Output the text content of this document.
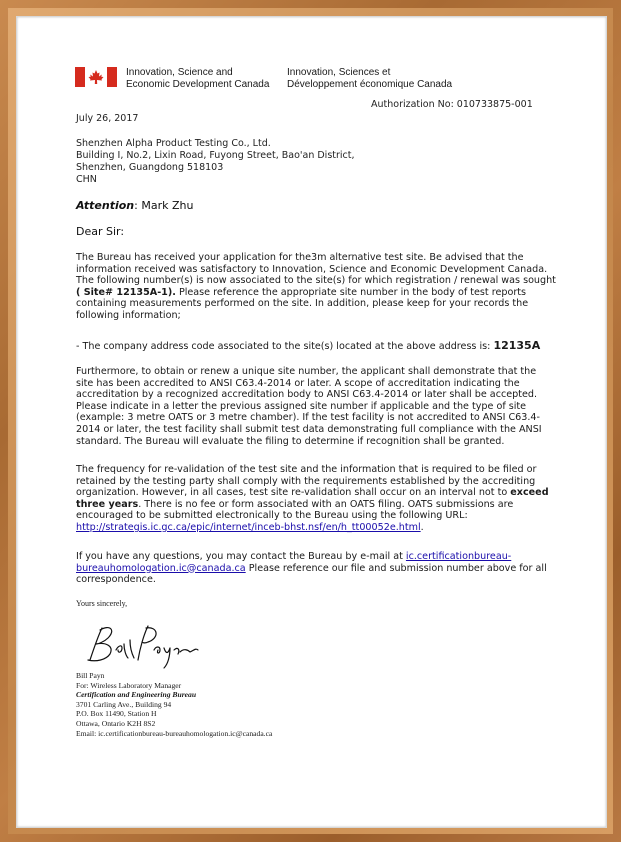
Innovation, Science and
Economic Development Canada
Innovation, Sciences et
Développement économique Canada
Authorization No: 010733875-001
July 26, 2017
Shenzhen Alpha Product Testing Co., Ltd.
Building I, No.2, Lixin Road, Fuyong Street, Bao'an District,
Shenzhen, Guangdong 518103
CHN
Attention: Mark Zhu
Dear Sir:
The Bureau has received your application for the3m alternative test site. Be advised that the information received was satisfactory to Innovation, Science and Economic Development Canada. The following number(s) is now associated to the site(s) for which registration / renewal was sought ( Site# 12135A-1). Please reference the appropriate site number in the body of test reports containing measurements performed on the site. In addition, please keep for your records the following information;
- The company address code associated to the site(s) located at the above address is: 12135A
Furthermore, to obtain or renew a unique site number, the applicant shall demonstrate that the site has been accredited to ANSI C63.4-2014 or later. A scope of accreditation indicating the accreditation by a recognized accreditation body to ANSI C63.4-2014 or later shall be accepted. Please indicate in a letter the previous assigned site number if applicable and the type of site (example: 3 metre OATS or 3 metre chamber). If the test facility is not accredited to ANSI C63.4-2014 or later, the test facility shall submit test data demonstrating full compliance with the ANSI standard. The Bureau will evaluate the filing to determine if recognition shall be granted.
The frequency for re-validation of the test site and the information that is required to be filed or retained by the testing party shall comply with the requirements established by the accrediting organization. However, in all cases, test site re-validation shall occur on an interval not to exceed three years. There is no fee or form associated with an OATS filing. OATS submissions are encouraged to be submitted electronically to the Bureau using the following URL: http://strategis.ic.gc.ca/epic/internet/inceb-bhst.nsf/en/h_tt00052e.html.
If you have any questions, you may contact the Bureau by e-mail at ic.certificationbureau-bureauhomologation.ic@canada.ca Please reference our file and submission number above for all correspondence.
Yours sincerely,
Bill Payn
For: Wireless Laboratory Manager
Certification and Engineering Bureau
3701 Carling Ave., Building 94
P.O. Box 11490, Station H
Ottawa, Ontario K2H 8S2
Email: ic.certificationbureau-bureauhomologation.ic@canada.ca
